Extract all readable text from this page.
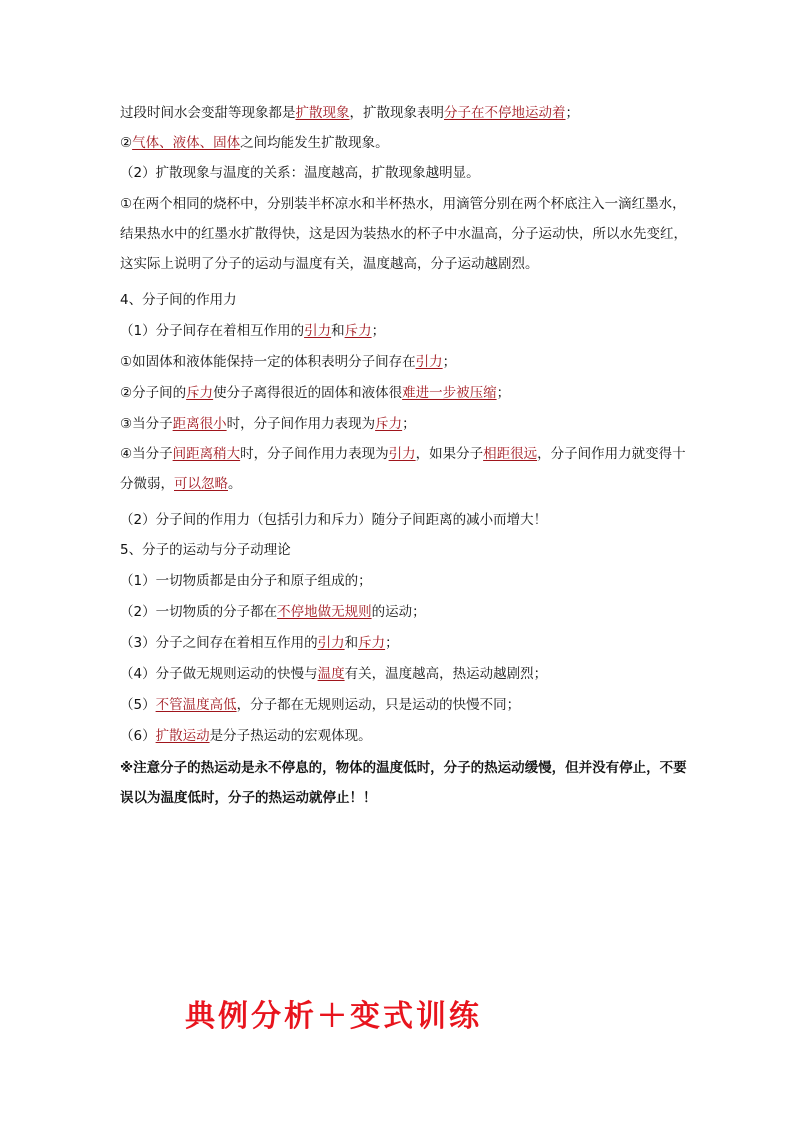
过段时间水会变甜等现象都是扩散现象，扩散现象表明分子在不停地运动着；
②气体、液体、固体之间均能发生扩散现象。
（2）扩散现象与温度的关系：温度越高，扩散现象越明显。
①在两个相同的烧杯中，分别装半杯凉水和半杯热水，用滴管分别在两个杯底注入一滴红墨水，结果热水中的红墨水扩散得快，这是因为装热水的杯子中水温高，分子运动快，所以水先变红，这实际上说明了分子的运动与温度有关，温度越高，分子运动越剧烈。
4、分子间的作用力
（1）分子间存在着相互作用的引力和斥力；
①如固体和液体能保持一定的体积表明分子间存在引力；
②分子间的斥力使分子离得很近的固体和液体很难进一步被压缩；
③当分子距离很小时，分子间作用力表现为斥力；
④当分子间距离稍大时，分子间作用力表现为引力，如果分子相距很远，分子间作用力就变得十分微弱，可以忽略。
（2）分子间的作用力（包括引力和斥力）随分子间距离的减小而增大！
5、分子的运动与分子动理论
（1）一切物质都是由分子和原子组成的；
（2）一切物质的分子都在不停地做无规则的运动；
（3）分子之间存在着相互作用的引力和斥力；
（4）分子做无规则运动的快慢与温度有关，温度越高，热运动越剧烈；
（5）不管温度高低，分子都在无规则运动，只是运动的快慢不同；
（6）扩散运动是分子热运动的宏观体现。
※注意分子的热运动是永不停息的，物体的温度低时，分子的热运动缓慢，但并没有停止，不要误以为温度低时，分子的热运动就停止！！
典例分析＋变式训练
